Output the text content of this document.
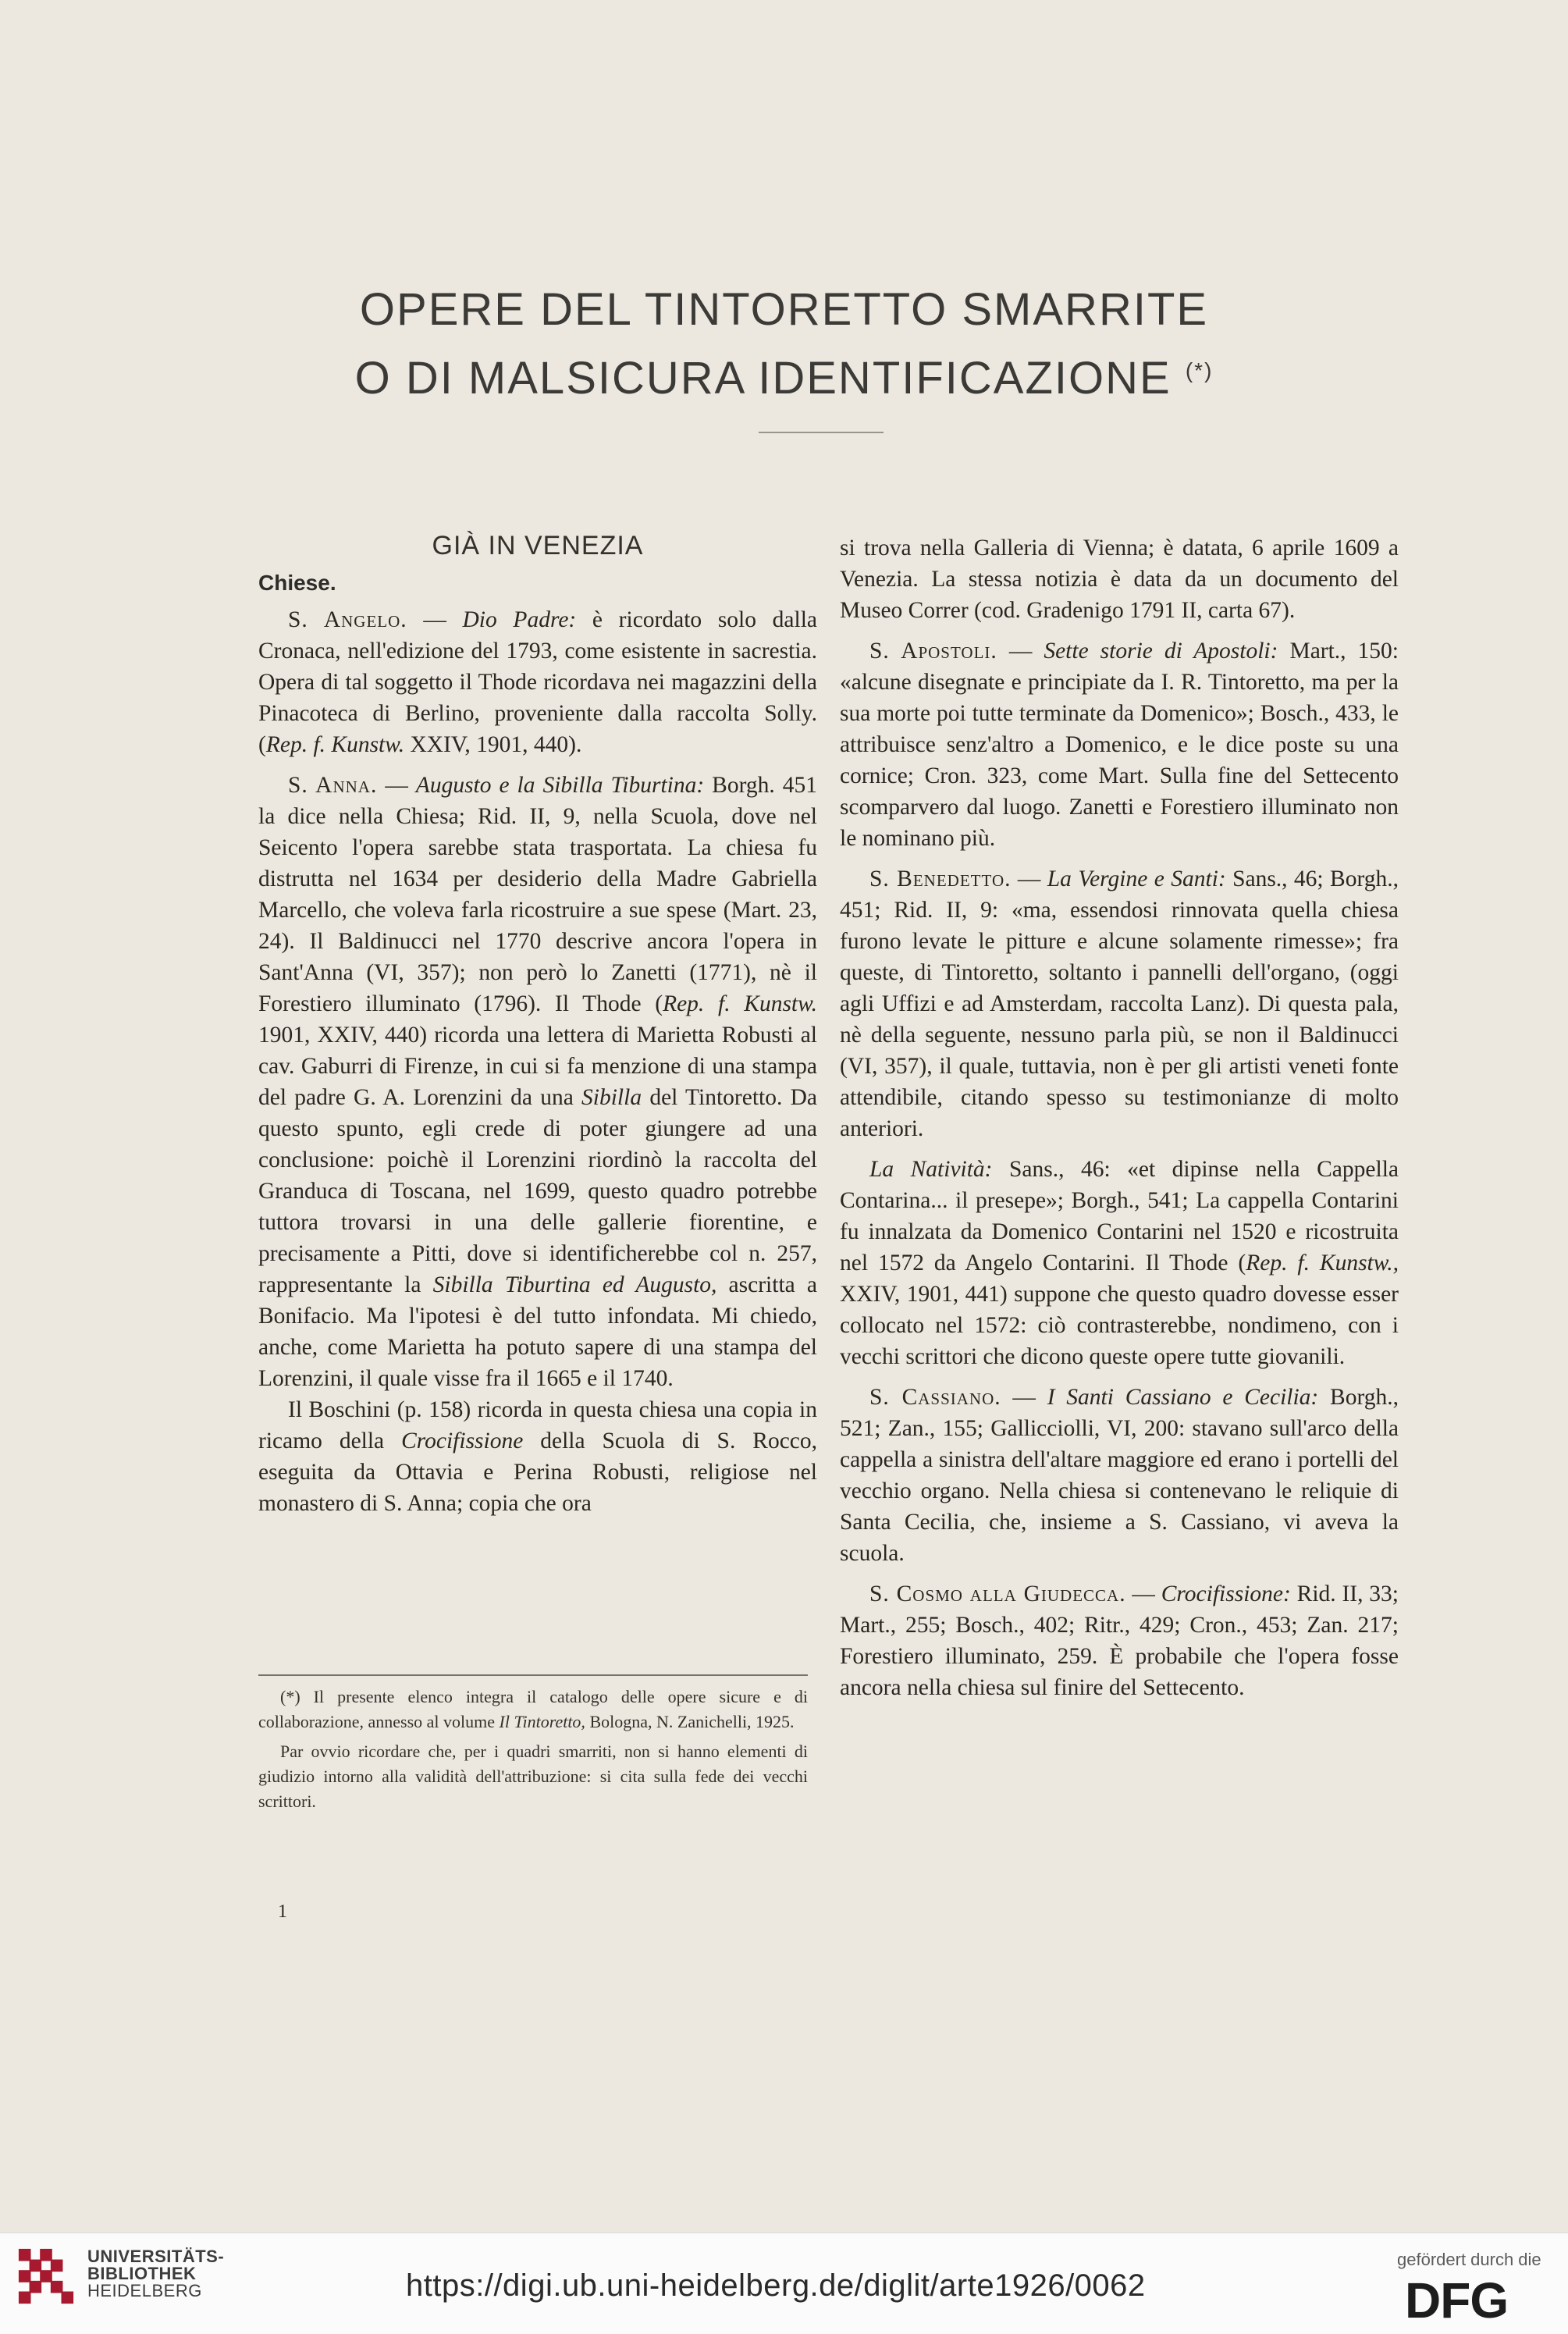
OPERE DEL TINTORETTO SMARRITE
O DI MALSICURA IDENTIFICAZIONE (*)
GIÀ IN VENEZIA
Chiese.

S. Angelo. — Dio Padre: è ricordato solo dalla Cronaca, nell'edizione del 1793, come esistente in sacrestia. Opera di tal soggetto il Thode ricordava nei magazzini della Pinacoteca di Berlino, proveniente dalla raccolta Solly. (Rep. f. Kunstw. XXIV, 1901, 440).

S. Anna. — Augusto e la Sibilla Tiburtina: Borgh. 451 la dice nella Chiesa; Rid. II, 9, nella Scuola, dove nel Seicento l'opera sarebbe stata trasportata. La chiesa fu distrutta nel 1634 per desiderio della Madre Gabriella Marcello, che voleva farla ricostruire a sue spese (Mart. 23, 24). Il Baldinucci nel 1770 descrive ancora l'opera in Sant'Anna (VI, 357); non però lo Zanetti (1771), nè il Forestiero illuminato (1796). Il Thode (Rep. f. Kunstw. 1901, XXIV, 440) ricorda una lettera di Marietta Robusti al cav. Gaburri di Firenze, in cui si fa menzione di una stampa del padre G. A. Lorenzini da una Sibilla del Tintoretto. Da questo spunto, egli crede di poter giungere ad una conclusione: poichè il Lorenzini riordinò la raccolta del Granduca di Toscana, nel 1699, questo quadro potrebbe tuttora trovarsi in una delle gallerie fiorentine, e precisamente a Pitti, dove si identificherebbe col n. 257, rappresentante la Sibilla Tiburtina ed Augusto, ascritta a Bonifacio. Ma l'ipotesi è del tutto infondata. Mi chiedo, anche, come Marietta ha potuto sapere di una stampa del Lorenzini, il quale visse fra il 1665 e il 1740.

Il Boschini (p. 158) ricorda in questa chiesa una copia in ricamo della Crocifissione della Scuola di S. Rocco, eseguita da Ottavia e Perina Robusti, religiose nel monastero di S. Anna; copia che ora

(*) Il presente elenco integra il catalogo delle opere sicure e di collaborazione, annesso al volume Il Tintoretto, Bologna, N. Zanichelli, 1925.

Par ovvio ricordare che, per i quadri smarriti, non si hanno elementi di giudizio intorno alla validità dell'attribuzione: si cita sulla fede dei vecchi scrittori.

1

si trova nella Galleria di Vienna; è datata, 6 aprile 1609 a Venezia. La stessa notizia è data da un documento del Museo Correr (cod. Gradenigo 1791 II, carta 67).

S. Apostoli. — Sette storie di Apostoli: Mart., 150: «alcune disegnate e principiate da I. R. Tintoretto, ma per la sua morte poi tutte terminate da Domenico»; Bosch., 433, le attribuisce senz'altro a Domenico, e le dice poste su una cornice; Cron. 323, come Mart. Sulla fine del Settecento scomparvero dal luogo. Zanetti e Forestiero illuminato non le nominano più.

S. Benedetto. — La Vergine e Santi: Sans., 46; Borgh., 451; Rid. II, 9: «ma, essendosi rinnovata quella chiesa furono levate le pitture e alcune solamente rimesse»; fra queste, di Tintoretto, soltanto i pannelli dell'organo, (oggi agli Uffizi e ad Amsterdam, raccolta Lanz). Di questa pala, nè della seguente, nessuno parla più, se non il Baldinucci (VI, 357), il quale, tuttavia, non è per gli artisti veneti fonte attendibile, citando spesso su testimonianze di molto anteriori.

La Natività: Sans., 46: «et dipinse nella Cappella Contarina... il presepe»; Borgh., 541; La cappella Contarini fu innalzata da Domenico Contarini nel 1520 e ricostruita nel 1572 da Angelo Contarini. Il Thode (Rep. f. Kunstw., XXIV, 1901, 441) suppone che questo quadro dovesse esser collocato nel 1572: ciò contrasterebbe, nondimeno, con i vecchi scrittori che dicono queste opere tutte giovanili.

S. Cassiano. — I Santi Cassiano e Cecilia: Borgh., 521; Zan., 155; Gallicciolli, VI, 200: stavano sull'arco della cappella a sinistra dell'altare maggiore ed erano i portelli del vecchio organo. Nella chiesa si contenevano le reliquie di Santa Cecilia, che, insieme a S. Cassiano, vi aveva la scuola.

S. Cosmo alla Giudecca. — Crocifissione: Rid. II, 33; Mart., 255; Bosch., 402; Ritr., 429; Cron., 453; Zan. 217; Forestiero illuminato, 259. È probabile che l'opera fosse ancora nella chiesa sul finire del Settecento.

UNIVERSITÄTS-
BIBLIOTHEK
HEIDELBERG	https://digi.ub.uni-heidelberg.de/diglit/arte1926/0062
gefördert durch die
DFG
